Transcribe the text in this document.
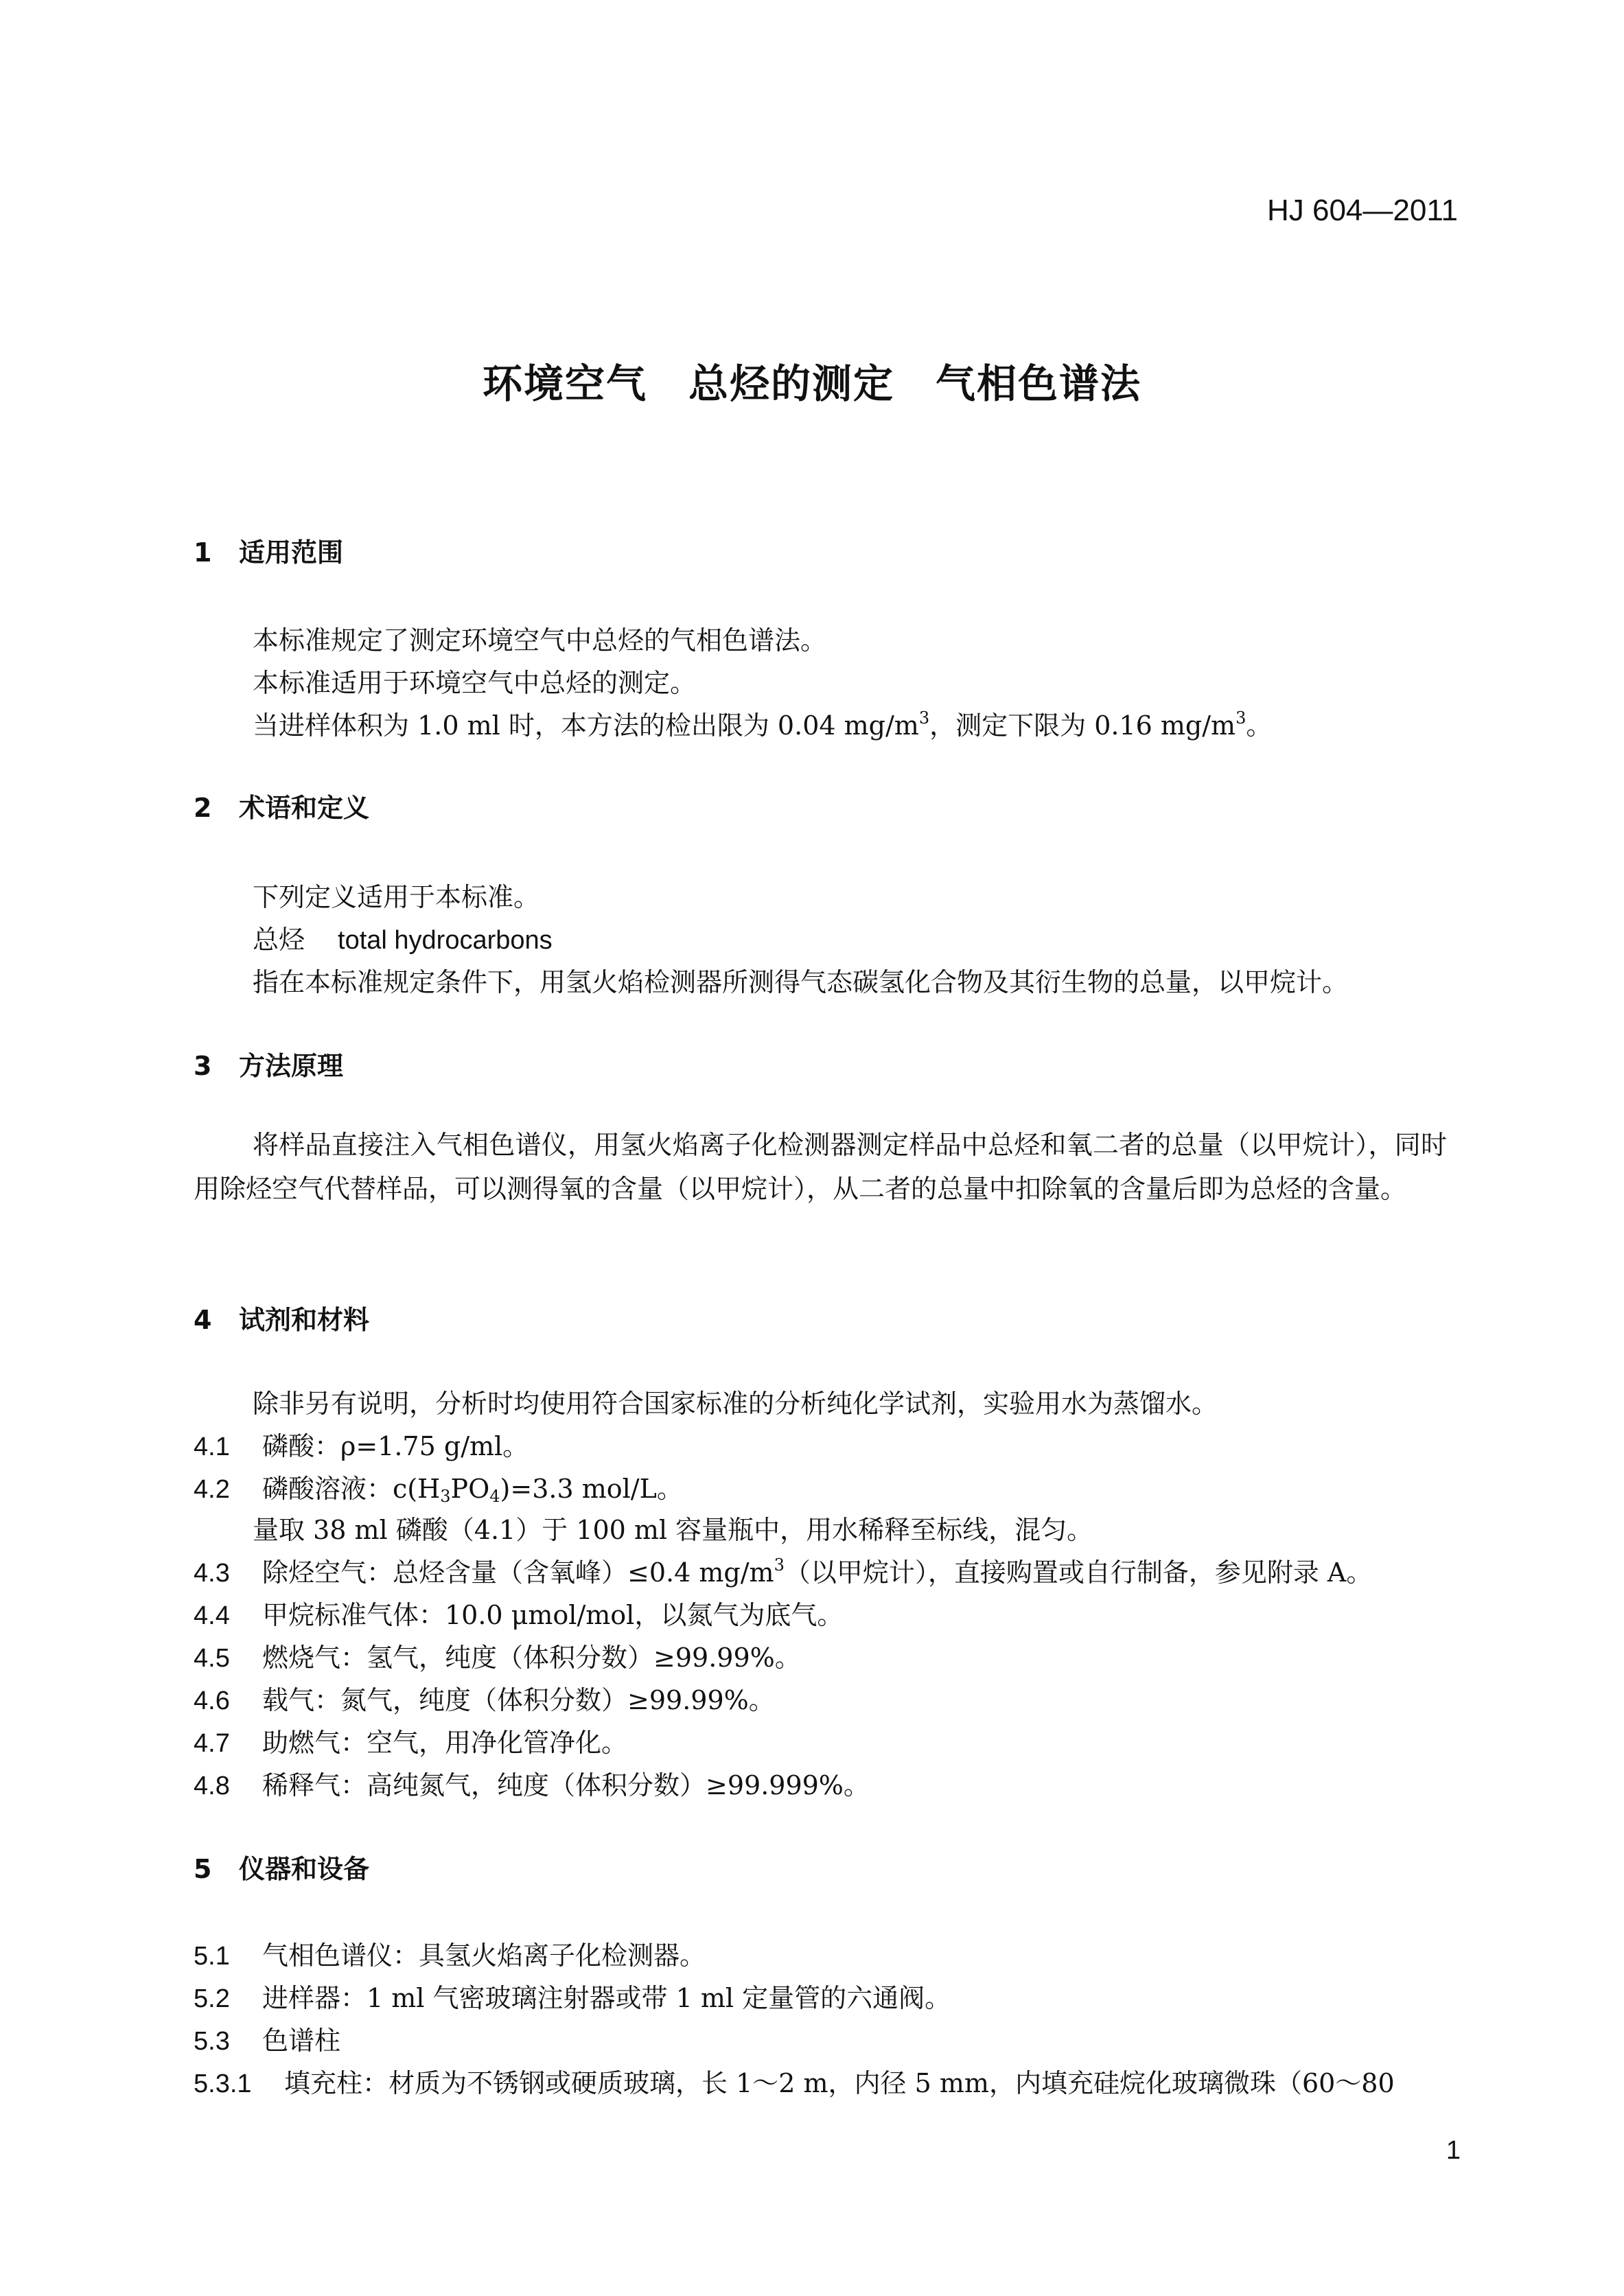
HJ 604—2011
环境空气　总烃的测定　气相色谱法
1 适用范围
本标准规定了测定环境空气中总烃的气相色谱法。
本标准适用于环境空气中总烃的测定。
当进样体积为 1.0 ml 时，本方法的检出限为 0.04 $mg/m^3$，测定下限为 0.16 $mg/m^3$。
2 术语和定义
下列定义适用于本标准。
总烃 total hydrocarbons
指在本标准规定条件下，用氢火焰检测器所测得气态碳氢化合物及其衍生物的总量，以甲烷计。
3 方法原理
将样品直接注入气相色谱仪，用氢火焰离子化检测器测定样品中总烃和氧二者的总量（以甲烷计），同时用除烃空气代替样品，可以测得氧的含量（以甲烷计），从二者的总量中扣除氧的含量后即为总烃的含量。
4 试剂和材料
除非另有说明，分析时均使用符合国家标准的分析纯化学试剂，实验用水为蒸馏水。
4.1 磷酸：ρ=1.75 g/ml。
4.2 磷酸溶液：$c(H_3PO_4)=3.3$ mol/L。
量取 38 ml 磷酸（4.1）于 100 ml 容量瓶中，用水稀释至标线，混匀。
4.3 除烃空气：总烃含量（含氧峰）≤0.4 $mg/m^3$（以甲烷计），直接购置或自行制备，参见附录 A。
4.4 甲烷标准气体：10.0 μmol/mol，以氮气为底气。
4.5 燃烧气：氢气，纯度（体积分数）≥99.99%。
4.6 载气：氮气，纯度（体积分数）≥99.99%。
4.7 助燃气：空气，用净化管净化。
4.8 稀释气：高纯氮气，纯度（体积分数）≥99.999%。
5 仪器和设备
5.1 气相色谱仪：具氢火焰离子化检测器。
5.2 进样器：1 ml 气密玻璃注射器或带 1 ml 定量管的六通阀。
5.3 色谱柱
5.3.1 填充柱：材质为不锈钢或硬质玻璃，长 1～2 m，内径 5 mm，内填充硅烷化玻璃微珠（60～80
1
